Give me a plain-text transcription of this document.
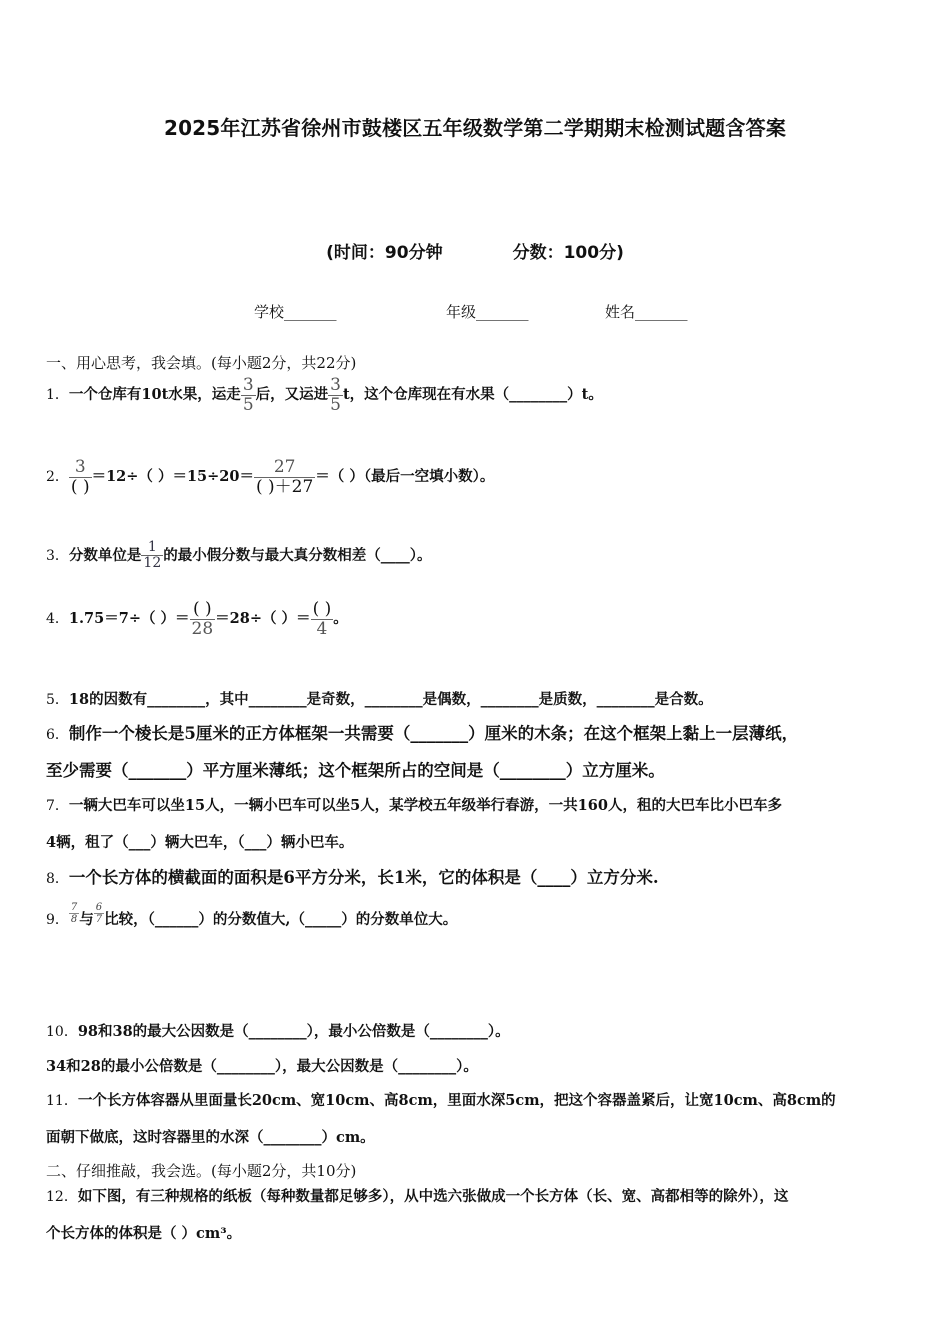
2025年江苏省徐州市鼓楼区五年级数学第二学期期末检测试题含答案
(时间：90分钟	分数：100分)
学校_______	年级_______	姓名_______
一、用心思考，我会填。(每小题2分，共22分)
1．一个仓库有10t水果，运走 $\frac{3}{5}$ 后，又运进 $\frac{3}{5}$ t，这个仓库现在有水果（________）t。
2． $\frac{3}{( )} =12\div$（ ）$=15\div 20= \frac{27}{( )+27}$ ＝（ ）（最后一空填小数）。
3．分数单位是 $\frac{1}{12}$ 的最小假分数与最大真分数相差（____）。
4．1.75＝7÷（ ）＝ $\frac{( )}{28} =28\div$（ ）＝ $\frac{( )}{4}$ 。
5．18的因数有________，其中________是奇数，________是偶数，________是质数，________是合数。
6．制作一个棱长是5厘米的正方体框架一共需要（_______）厘米的木条；在这个框架上黏上一层薄纸，
至少需要（_______）平方厘米薄纸；这个框架所占的空间是（________）立方厘米。
7．一辆大巴车可以坐15人，一辆小巴车可以坐5人，某学校五年级举行春游，一共160人，租的大巴车比小巴车多
4辆，租了（___）辆大巴车，（___）辆小巴车。
8．一个长方体的横截面的面积是6平方分米，长1米，它的体积是（____）立方分米.
9． $\frac{7}{8}$ 与 $\frac{6}{7}$ 比较，（______）的分数值大,（_____）的分数单位大。
10．98和38的最大公因数是（________），最小公倍数是（________）。
34和28的最小公倍数是（________），最大公因数是（________）。
11．一个长方体容器从里面量长20cm、宽10cm、高8cm，里面水深5cm，把这个容器盖紧后，让宽10cm、高8cm的
面朝下做底，这时容器里的水深（________）cm。
二、仔细推敲，我会选。(每小题2分，共10分)
12．如下图，有三种规格的纸板（每种数量都足够多），从中选六张做成一个长方体（长、宽、高都相等的除外），这
个长方体的体积是（ ）cm³。
